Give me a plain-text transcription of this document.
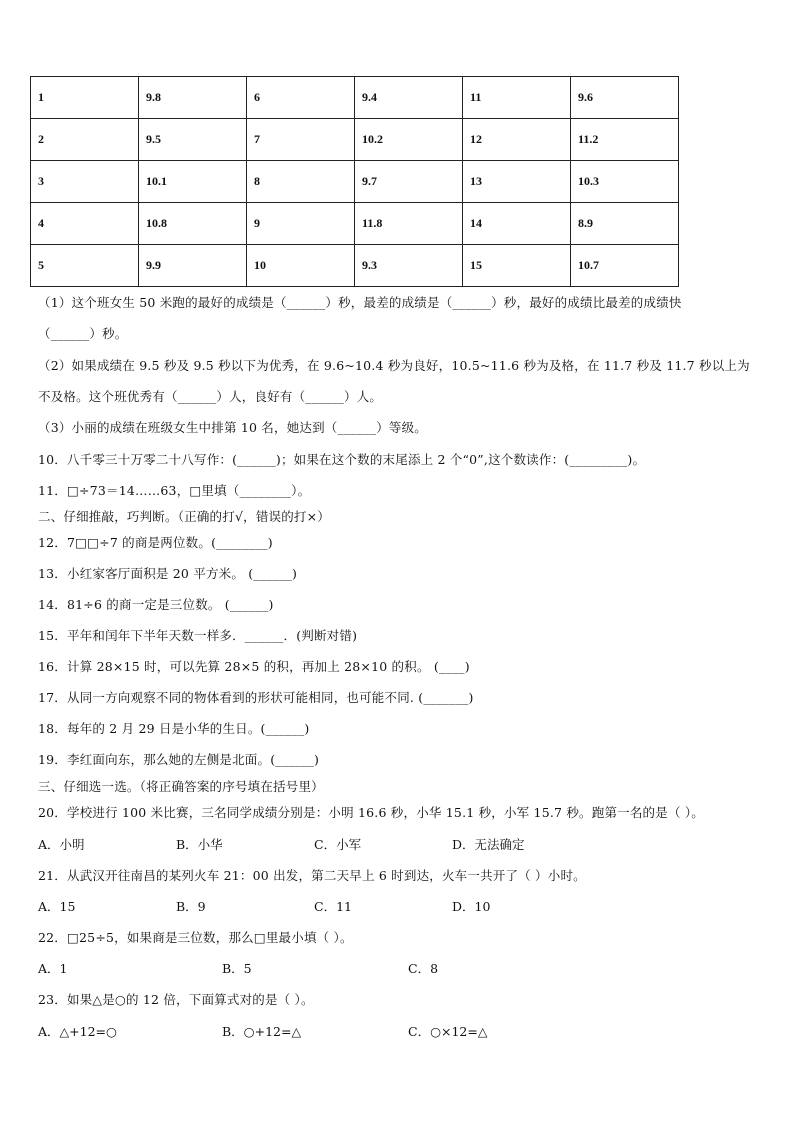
1	9.8	6	9.4	11	9.6
2	9.5	7	10.2	12	11.2
3	10.1	8	9.7	13	10.3
4	10.8	9	11.8	14	8.9
5	9.9	10	9.3	15	10.7
（1）这个班女生 50 米跑的最好的成绩是（______）秒，最差的成绩是（______）秒，最好的成绩比最差的成绩快
（______）秒。
（2）如果成绩在 9.5 秒及 9.5 秒以下为优秀，在 9.6~10.4 秒为良好，10.5~11.6 秒为及格，在 11.7 秒及 11.7 秒以上为
不及格。这个班优秀有（______）人，良好有（______）人。
（3）小丽的成绩在班级女生中排第 10 名，她达到（______）等级。
10．八千零三十万零二十八写作：(______)；如果在这个数的末尾添上 2 个“0”,这个数读作：(_________)。
11．□÷73＝14……63，□里填（________）。
二、仔细推敲，巧判断。（正确的打√，错误的打×）
12．7□□÷7 的商是两位数。(________)
13．小红家客厅面积是 20 平方米。 (______)
14．81÷6 的商一定是三位数。 (______)
15．平年和闰年下半年天数一样多．______．(判断对错)
16．计算 28×15 时，可以先算 28×5 的积，再加上 28×10 的积。 (____)
17．从同一方向观察不同的物体看到的形状可能相同，也可能不同. (_______)
18．每年的 2 月 29 日是小华的生日。(______)
19．李红面向东，那么她的左侧是北面。(______)
三、仔细选一选。（将正确答案的序号填在括号里）
20．学校进行 100 米比赛，三名同学成绩分别是：小明 16.6 秒，小华 15.1 秒，小军 15.7 秒。跑第一名的是（ ）。
A．小明	B．小华	C．小军	D．无法确定
21．从武汉开往南昌的某列火车 21：00 出发，第二天早上 6 时到达，火车一共开了（ ）小时。
A．15	B．9	C．11	D．10
22．□25÷5，如果商是三位数，那么□里最小填（ ）。
A．1	B．5	C．8
23．如果△是○的 12 倍，下面算式对的是（ ）。
A．△+12=○	B．○+12=△	C．○×12=△
